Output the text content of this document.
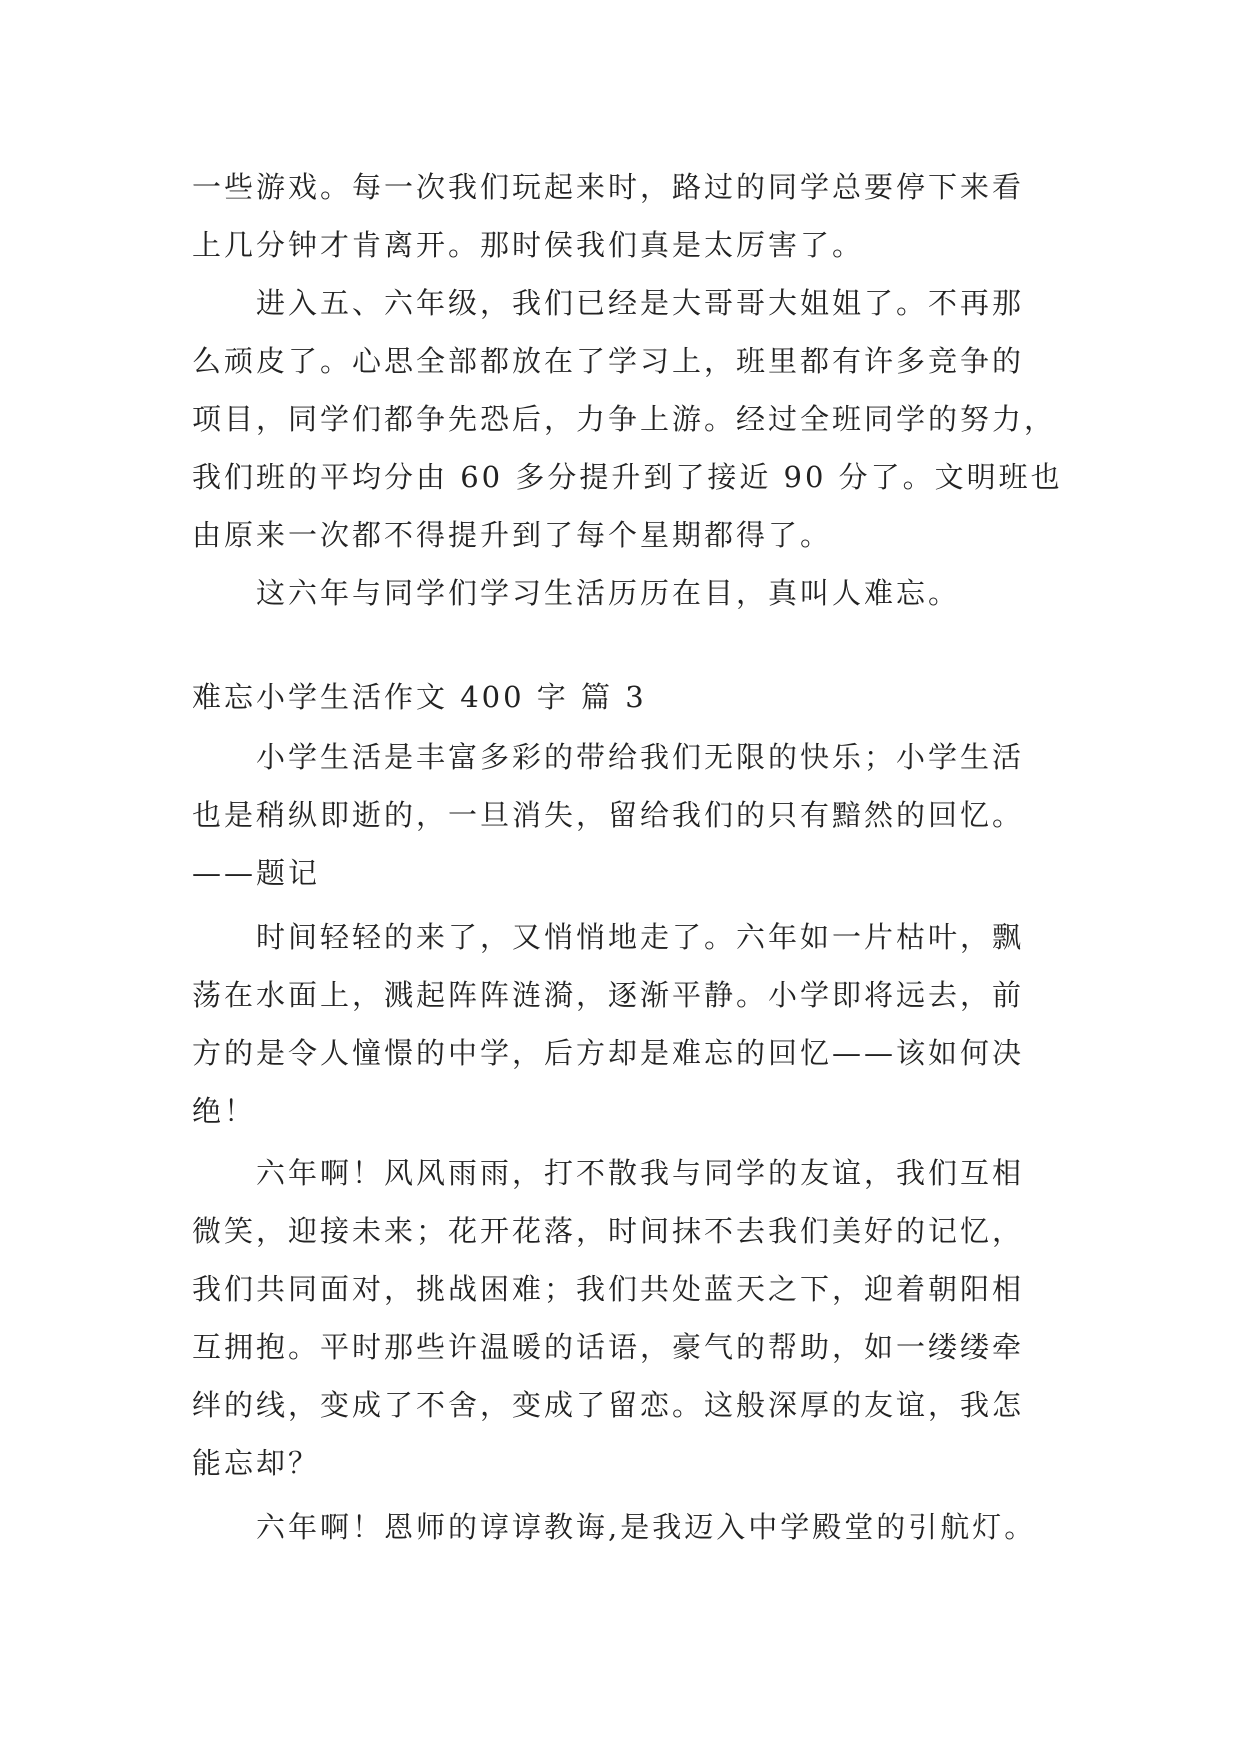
一些游戏。每一次我们玩起来时，路过的同学总要停下来看
上几分钟才肯离开。那时侯我们真是太厉害了。
进入五、六年级，我们已经是大哥哥大姐姐了。不再那
么顽皮了。心思全部都放在了学习上，班里都有许多竞争的
项目，同学们都争先恐后，力争上游。经过全班同学的努力，
我们班的平均分由 60 多分提升到了接近 90 分了。文明班也
由原来一次都不得提升到了每个星期都得了。
这六年与同学们学习生活历历在目，真叫人难忘。
难忘小学生活作文 400 字 篇 3
小学生活是丰富多彩的带给我们无限的快乐；小学生活
也是稍纵即逝的，一旦消失，留给我们的只有黯然的回忆。
——题记
时间轻轻的来了，又悄悄地走了。六年如一片枯叶，飘
荡在水面上，溅起阵阵涟漪，逐渐平静。小学即将远去，前
方的是令人憧憬的中学，后方却是难忘的回忆——该如何决
绝！
六年啊！风风雨雨，打不散我与同学的友谊，我们互相
微笑，迎接未来；花开花落，时间抹不去我们美好的记忆，
我们共同面对，挑战困难；我们共处蓝天之下，迎着朝阳相
互拥抱。平时那些许温暖的话语，豪气的帮助，如一缕缕牵
绊的线，变成了不舍，变成了留恋。这般深厚的友谊，我怎
能忘却？
六年啊！恩师的谆谆教诲,是我迈入中学殿堂的引航灯。
